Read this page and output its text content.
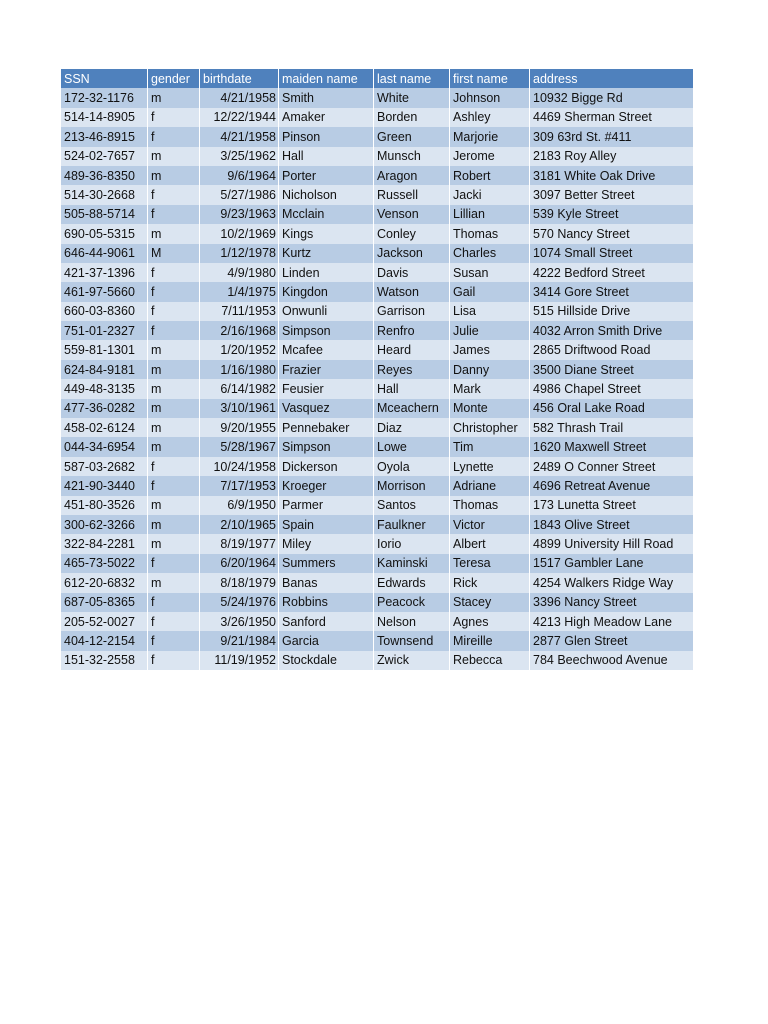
SSN	gender	birthdate	maiden name	last name	first name	address
172-32-1176	m	4/21/1958	Smith	White	Johnson	10932 Bigge Rd
514-14-8905	f	12/22/1944	Amaker	Borden	Ashley	4469 Sherman Street
213-46-8915	f	4/21/1958	Pinson	Green	Marjorie	309 63rd St. #411
524-02-7657	m	3/25/1962	Hall	Munsch	Jerome	2183 Roy Alley
489-36-8350	m	9/6/1964	Porter	Aragon	Robert	3181 White Oak Drive
514-30-2668	f	5/27/1986	Nicholson	Russell	Jacki	3097 Better Street
505-88-5714	f	9/23/1963	Mcclain	Venson	Lillian	539 Kyle Street
690-05-5315	m	10/2/1969	Kings	Conley	Thomas	570 Nancy Street
646-44-9061	M	1/12/1978	Kurtz	Jackson	Charles	1074 Small Street
421-37-1396	f	4/9/1980	Linden	Davis	Susan	4222 Bedford Street
461-97-5660	f	1/4/1975	Kingdon	Watson	Gail	3414 Gore Street
660-03-8360	f	7/11/1953	Onwunli	Garrison	Lisa	515 Hillside Drive
751-01-2327	f	2/16/1968	Simpson	Renfro	Julie	4032 Arron Smith Drive
559-81-1301	m	1/20/1952	Mcafee	Heard	James	2865 Driftwood Road
624-84-9181	m	1/16/1980	Frazier	Reyes	Danny	3500 Diane Street
449-48-3135	m	6/14/1982	Feusier	Hall	Mark	4986 Chapel Street
477-36-0282	m	3/10/1961	Vasquez	Mceachern	Monte	456 Oral Lake Road
458-02-6124	m	9/20/1955	Pennebaker	Diaz	Christopher	582 Thrash Trail
044-34-6954	m	5/28/1967	Simpson	Lowe	Tim	1620 Maxwell Street
587-03-2682	f	10/24/1958	Dickerson	Oyola	Lynette	2489 O Conner Street
421-90-3440	f	7/17/1953	Kroeger	Morrison	Adriane	4696 Retreat Avenue
451-80-3526	m	6/9/1950	Parmer	Santos	Thomas	173 Lunetta Street
300-62-3266	m	2/10/1965	Spain	Faulkner	Victor	1843 Olive Street
322-84-2281	m	8/19/1977	Miley	Iorio	Albert	4899 University Hill Road
465-73-5022	f	6/20/1964	Summers	Kaminski	Teresa	1517 Gambler Lane
612-20-6832	m	8/18/1979	Banas	Edwards	Rick	4254 Walkers Ridge Way
687-05-8365	f	5/24/1976	Robbins	Peacock	Stacey	3396 Nancy Street
205-52-0027	f	3/26/1950	Sanford	Nelson	Agnes	4213 High Meadow Lane
404-12-2154	f	9/21/1984	Garcia	Townsend	Mireille	2877 Glen Street
151-32-2558	f	11/19/1952	Stockdale	Zwick	Rebecca	784 Beechwood Avenue
